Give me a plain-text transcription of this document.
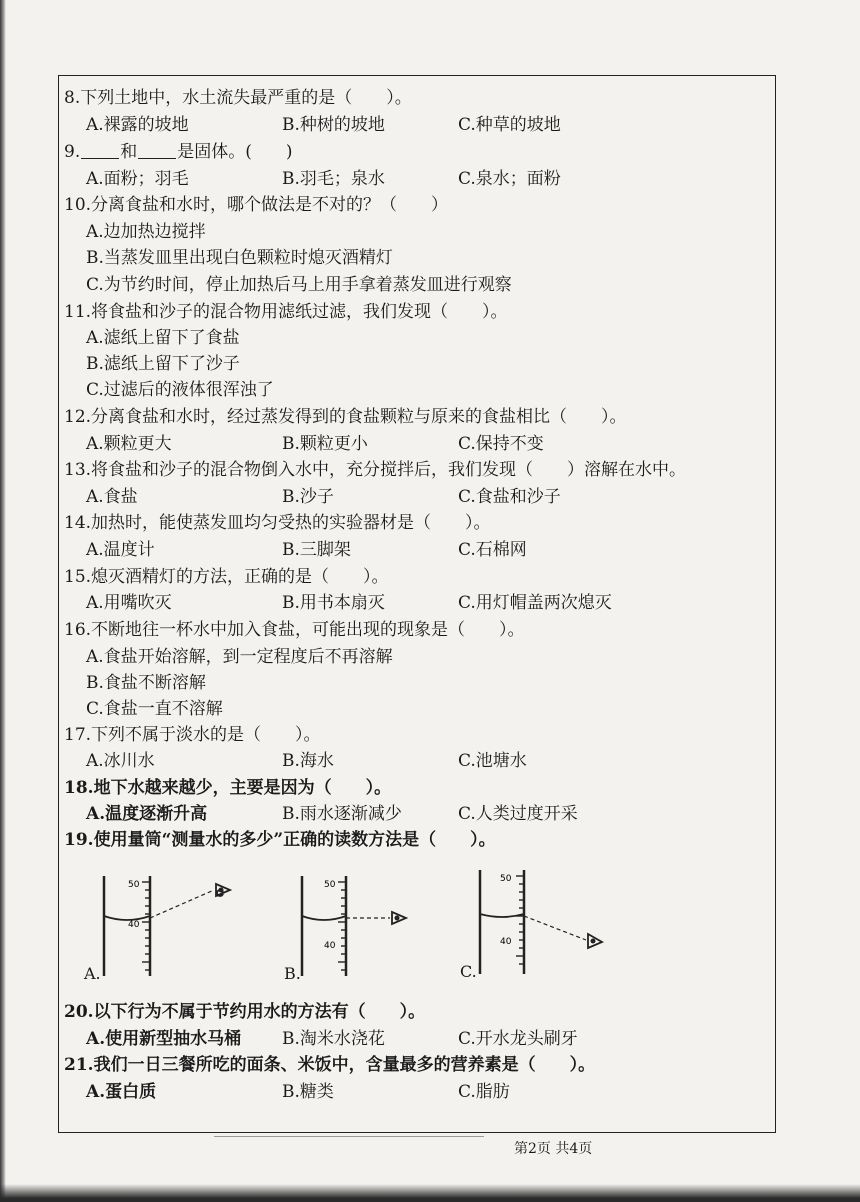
8.下列土地中，水土流失最严重的是（　　）。
A.裸露的坡地	B.种树的坡地	C.种草的坡地
9. 和 是固体。(　　)
A.面粉；羽毛	B.羽毛；泉水	C.泉水；面粉
10.分离食盐和水时，哪个做法是不对的？（　　）
A.边加热边搅拌
B.当蒸发皿里出现白色颗粒时熄灭酒精灯
C.为节约时间，停止加热后马上用手拿着蒸发皿进行观察
11.将食盐和沙子的混合物用滤纸过滤，我们发现（　　）。
A.滤纸上留下了食盐
B.滤纸上留下了沙子
C.过滤后的液体很浑浊了
12.分离食盐和水时，经过蒸发得到的食盐颗粒与原来的食盐相比（　　）。
A.颗粒更大	B.颗粒更小	C.保持不变
13.将食盐和沙子的混合物倒入水中，充分搅拌后，我们发现（　　）溶解在水中。
A.食盐	B.沙子	C.食盐和沙子
14.加热时，能使蒸发皿均匀受热的实验器材是（　　）。
A.温度计	B.三脚架	C.石棉网
15.熄灭酒精灯的方法，正确的是（　　）。
A.用嘴吹灭	B.用书本扇灭	C.用灯帽盖两次熄灭
16.不断地往一杯水中加入食盐，可能出现的现象是（　　）。
A.食盐开始溶解，到一定程度后不再溶解
B.食盐不断溶解
C.食盐一直不溶解
17.下列不属于淡水的是（　　）。
A.冰川水	B.海水	C.池塘水
18.地下水越来越少，主要是因为（　　）。
A.温度逐渐升高	B.雨水逐渐减少	C.人类过度开采
19.使用量筒“测量水的多少”正确的读数方法是（　　）。
20.以下行为不属于节约用水的方法有（　　）。
A.使用新型抽水马桶 B.淘米水浇花	C.开水龙头刷牙
21.我们一日三餐所吃的面条、米饭中，含量最多的营养素是（　　）。
A.蛋白质	B.糖类	C.脂肪
50
40
A.
50
40
B.
50
40
C.
第2页 共4页
